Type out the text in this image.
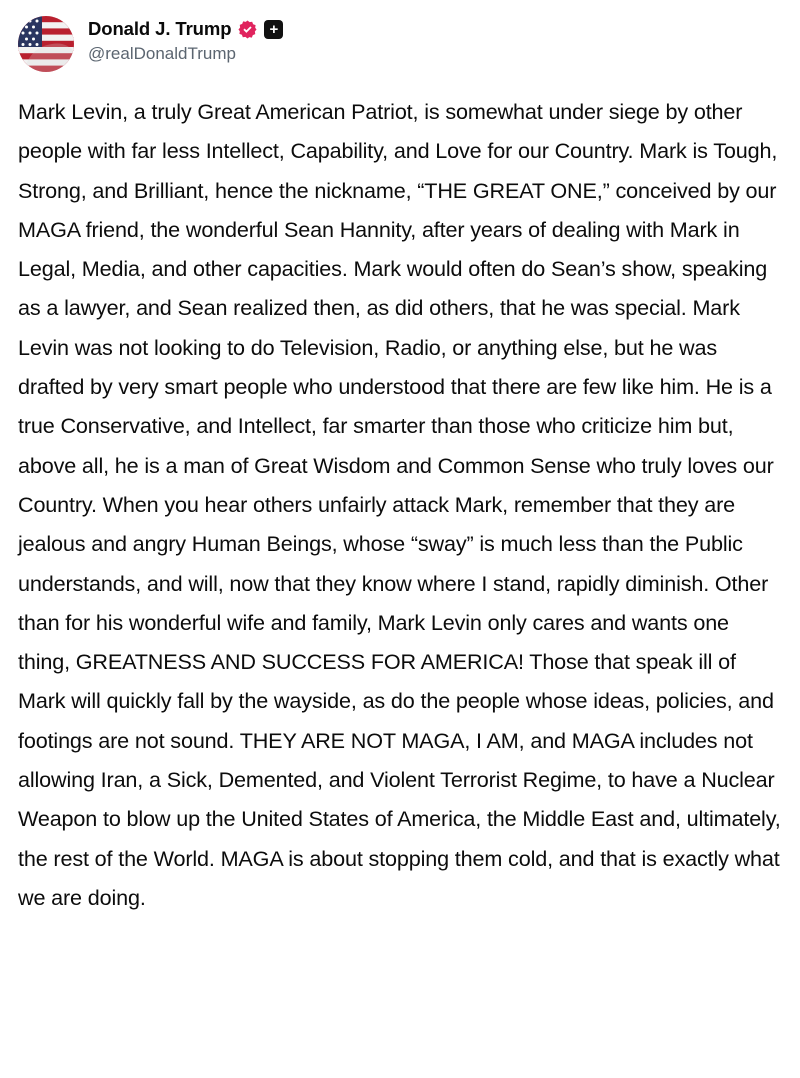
Donald J. Trump	+
@realDonaldTrump
Mark Levin, a truly Great American Patriot, is somewhat under siege by other people with far less Intellect, Capability, and Love for our Country. Mark is Tough, Strong, and Brilliant, hence the nickname, “THE GREAT ONE,” conceived by our MAGA friend, the wonderful Sean Hannity, after years of dealing with Mark in Legal, Media, and other capacities. Mark would often do Sean’s show, speaking as a lawyer, and Sean realized then, as did others, that he was special. Mark Levin was not looking to do Television, Radio, or anything else, but he was drafted by very smart people who understood that there are few like him. He is a true Conservative, and Intellect, far smarter than those who criticize him but, above all, he is a man of Great Wisdom and Common Sense who truly loves our Country. When you hear others unfairly attack Mark, remember that they are jealous and angry Human Beings, whose “sway” is much less than the Public understands, and will, now that they know where I stand, rapidly diminish. Other than for his wonderful wife and family, Mark Levin only cares and wants one thing, GREATNESS AND SUCCESS FOR AMERICA! Those that speak ill of Mark will quickly fall by the wayside, as do the people whose ideas, policies, and footings are not sound. THEY ARE NOT MAGA, I AM, and MAGA includes not allowing Iran, a Sick, Demented, and Violent Terrorist Regime, to have a Nuclear Weapon to blow up the United States of America, the Middle East and, ultimately, the rest of the World. MAGA is about stopping them cold, and that is exactly what we are doing.
